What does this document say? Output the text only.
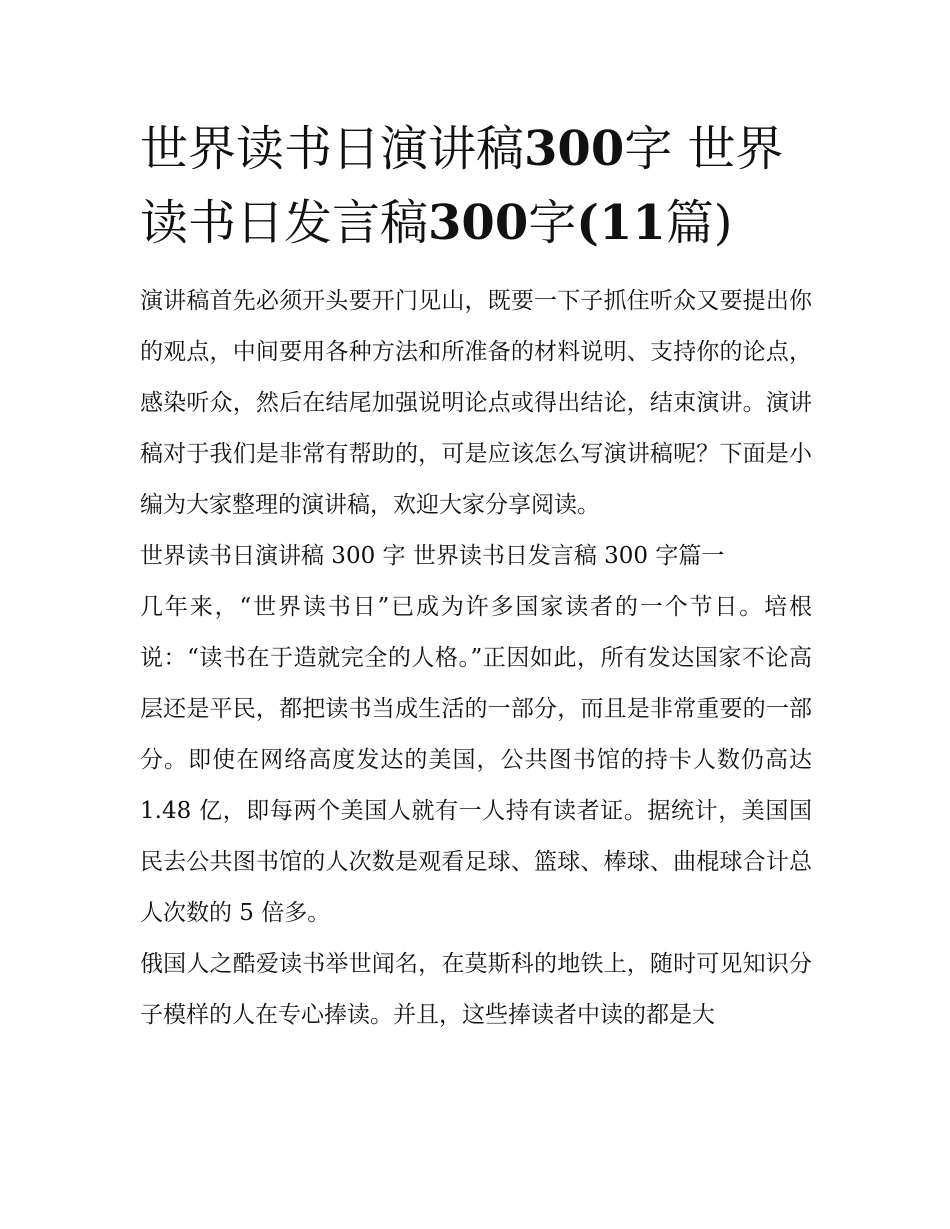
世界读书日演讲稿300字 世界读书日发言稿300字(11篇)

演讲稿首先必须开头要开门见山，既要一下子抓住听众又要提出你的观点，中间要用各种方法和所准备的材料说明、支持你的论点，感染听众，然后在结尾加强说明论点或得出结论，结束演讲。演讲稿对于我们是非常有帮助的，可是应该怎么写演讲稿呢？下面是小编为大家整理的演讲稿，欢迎大家分享阅读。

世界读书日演讲稿 300 字 世界读书日发言稿 300 字篇一

几年来，“世界读书日”已成为许多国家读者的一个节日。培根说：“读书在于造就完全的人格。”正因如此，所有发达国家不论高层还是平民，都把读书当成生活的一部分，而且是非常重要的一部分。即使在网络高度发达的美国，公共图书馆的持卡人数仍高达 1.48 亿，即每两个美国人就有一人持有读者证。据统计，美国国民去公共图书馆的人次数是观看足球、篮球、棒球、曲棍球合计总人次数的 5 倍多。

俄国人之酷爱读书举世闻名，在莫斯科的地铁上，随时可见知识分子模样的人在专心捧读。并且，这些捧读者中读的都是大
